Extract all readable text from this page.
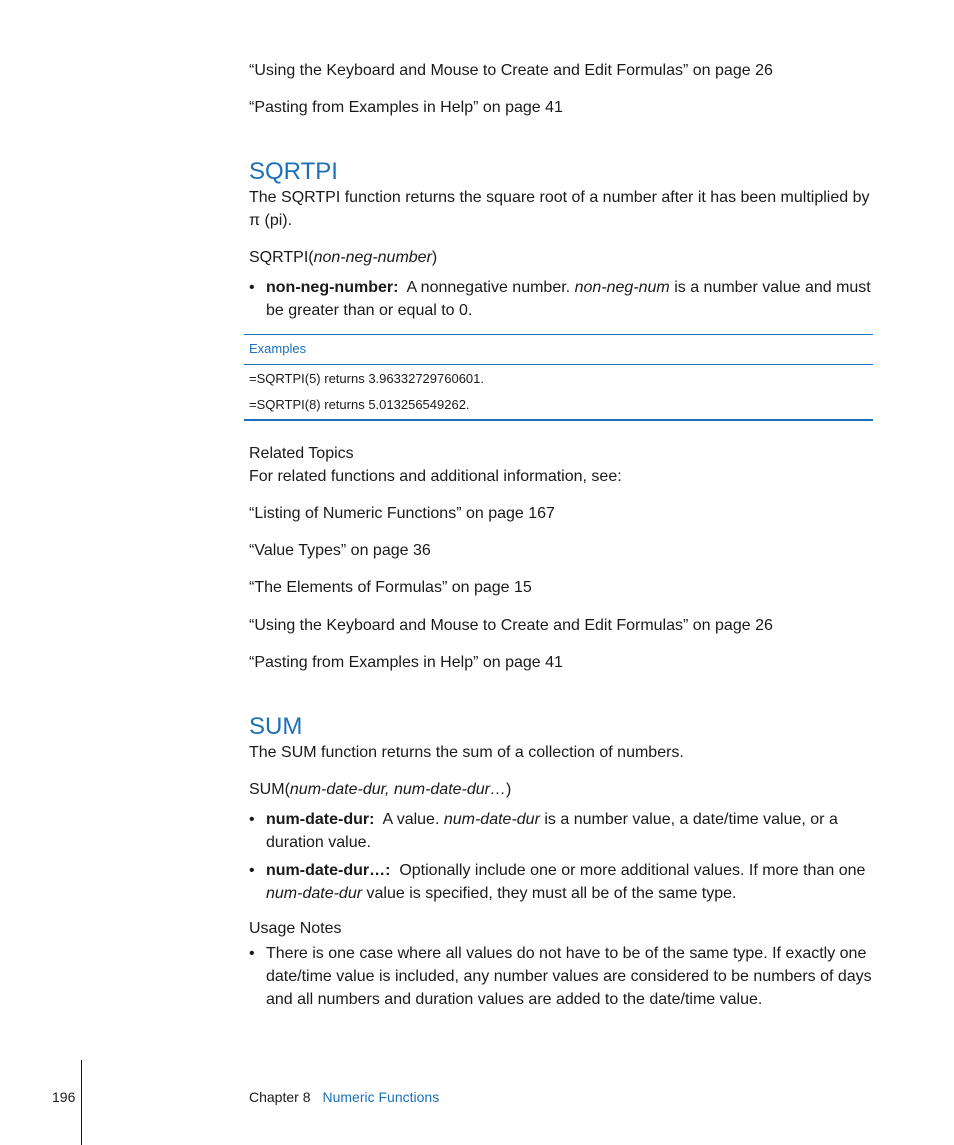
“Using the Keyboard and Mouse to Create and Edit Formulas” on page 26
“Pasting from Examples in Help” on page 41
SQRTPI
The SQRTPI function returns the square root of a number after it has been multiplied by π (pi).
SQRTPI(non-neg-number)
• non-neg-number: A nonnegative number. non-neg-num is a number value and must be greater than or equal to 0.
Examples
=SQRTPI(5) returns 3.96332729760601.
=SQRTPI(8) returns 5.013256549262.
Related Topics
For related functions and additional information, see:
“Listing of Numeric Functions” on page 167
“Value Types” on page 36
“The Elements of Formulas” on page 15
“Using the Keyboard and Mouse to Create and Edit Formulas” on page 26
“Pasting from Examples in Help” on page 41
SUM
The SUM function returns the sum of a collection of numbers.
SUM(num-date-dur, num-date-dur…)
• num-date-dur: A value. num-date-dur is a number value, a date/time value, or a duration value.
• num-date-dur…: Optionally include one or more additional values. If more than one num-date-dur value is specified, they must all be of the same type.
Usage Notes
• There is one case where all values do not have to be of the same type. If exactly one date/time value is included, any number values are considered to be numbers of days and all numbers and duration values are added to the date/time value.
196	Chapter 8 Numeric Functions
